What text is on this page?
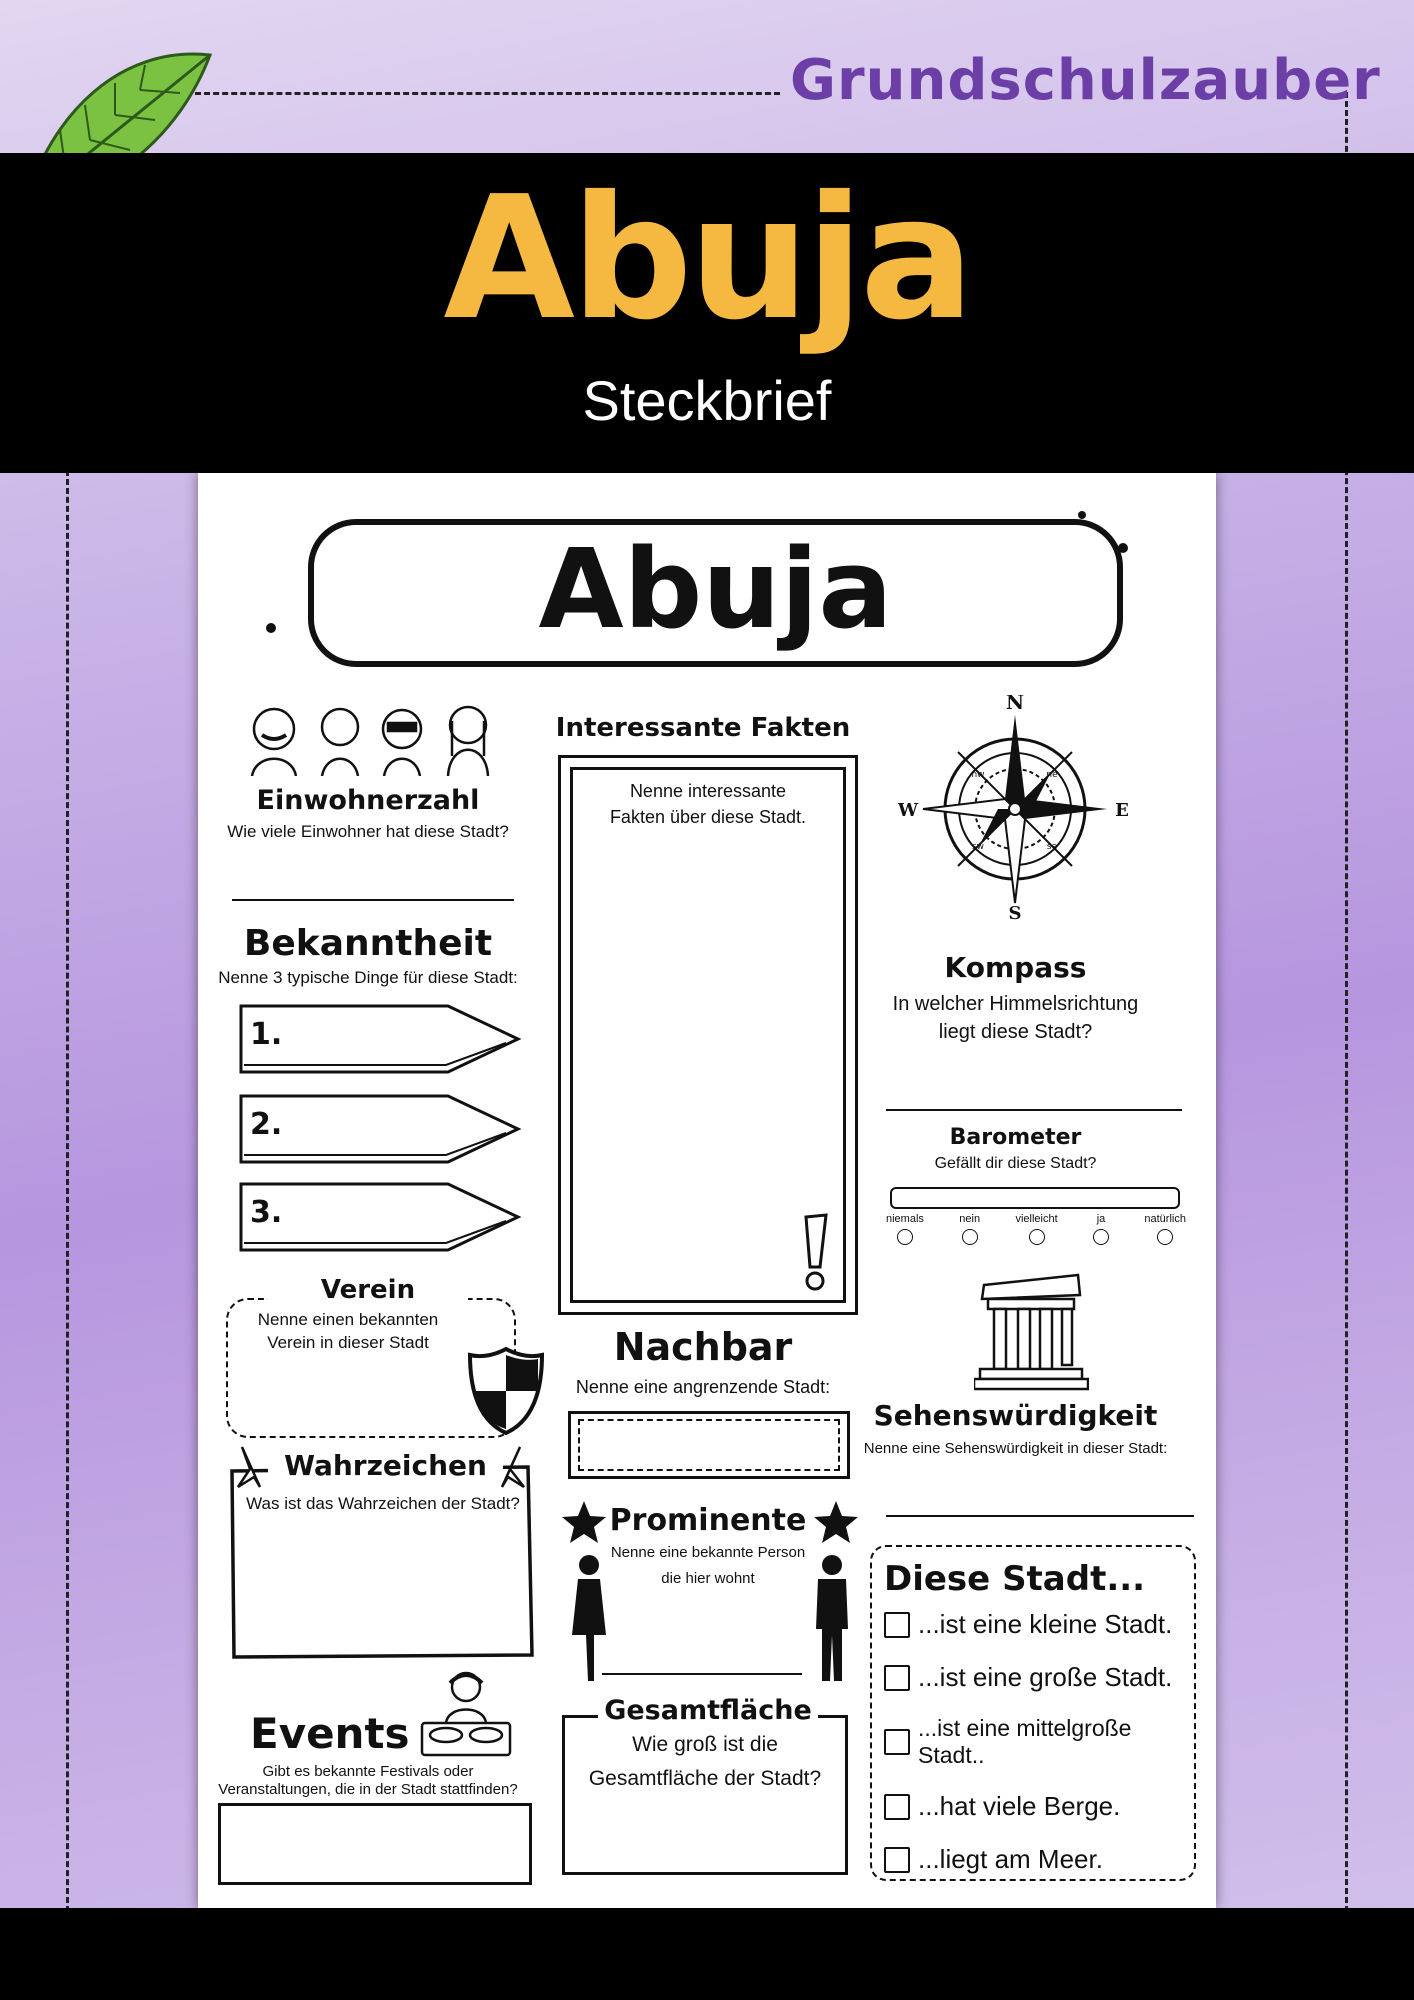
Grundschulzauber
Abuja
Steckbrief
Abuja
Einwohnerzahl
Wie viele Einwohner hat diese Stadt?
Bekanntheit
Nenne 3 typische Dinge für diese Stadt:
1.
2.
3.
Verein
Nenne einen bekannten
Verein in dieser Stadt
Wahrzeichen
Was ist das Wahrzeichen der Stadt?
Events
Gibt es bekannte Festivals oder
Veranstaltungen, die in der Stadt stattfinden?
Interessante Fakten
Nenne interessante
Fakten über diese Stadt.
Nachbar
Nenne eine angrenzende Stadt:
Prominente
Nenne eine bekannte Person
die hier wohnt
Gesamtfläche
Wie groß ist die
Gesamtfläche der Stadt?
N
S
W	E
nw	ne
sw	se
Kompass
In welcher Himmelsrichtung
liegt diese Stadt?
Barometer
Gefällt dir diese Stadt?
niemals	nein	vielleicht	ja	natürlich
Sehenswürdigkeit
Nenne eine Sehenswürdigkeit in dieser Stadt:
Diese Stadt...
...ist eine kleine Stadt.
...ist eine große Stadt.
...ist eine mittelgroße Stadt..
...hat viele Berge.
...liegt am Meer.
